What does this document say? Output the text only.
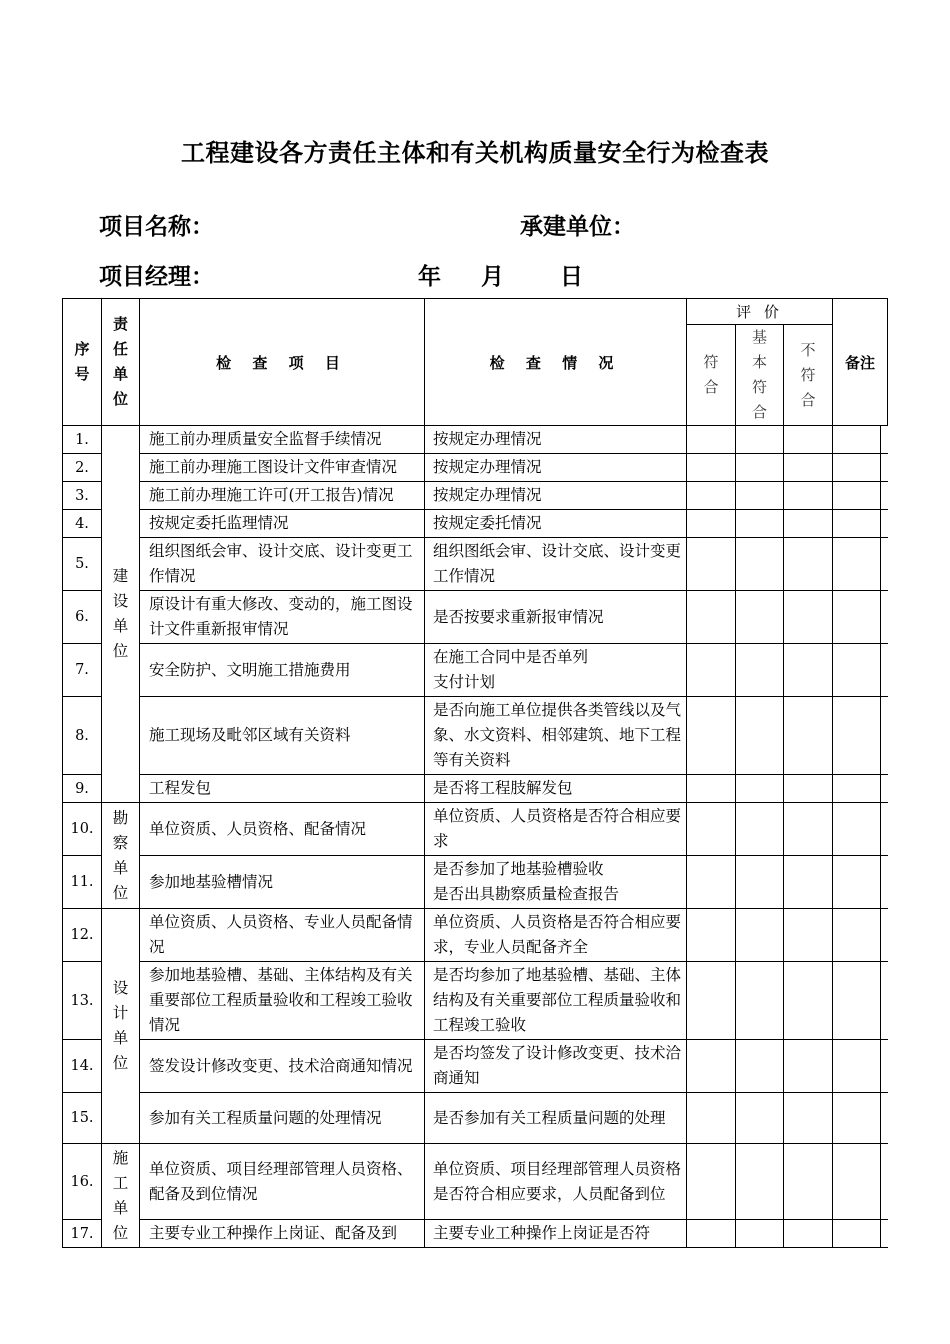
工程建设各方责任主体和有关机构质量安全行为检查表
项目名称：	承建单位：
项目经理：	年 月 日
序号	责任单位	检 查 项 目	检 查 情 况	评 价			备注	
				符合	基本符合	不符合		
1.	建设单位	施工前办理质量安全监督手续情况	按规定办理情况					
2.		施工前办理施工图设计文件审查情况	按规定办理情况					
3.		施工前办理施工许可(开工报告)情况	按规定办理情况					
4.		按规定委托监理情况	按规定委托情况					
5.		组织图纸会审、设计交底、设计变更工作情况	组织图纸会审、设计交底、设计变更工作情况					
6.		原设计有重大修改、变动的，施工图设计文件重新报审情况	是否按要求重新报审情况					
7.		安全防护、文明施工措施费用	在施工合同中是否单列
支付计划					

8.		施工现场及毗邻区域有关资料	是否向施工单位提供各类管线以及气象、水文资料、相邻建筑、地下工程等有关资料					
9.		工程发包	是否将工程肢解发包					
10.	勘察单位	单位资质、人员资格、配备情况	单位资质、人员资格是否符合相应要求					
11.		参加地基验槽情况	是否参加了地基验槽验收
是否出具勘察质量检查报告					

12.	设计单位	单位资质、人员资格、专业人员配备情况	单位资质、人员资格是否符合相应要求，专业人员配备齐全					
13.		参加地基验槽、基础、主体结构及有关重要部位工程质量验收和工程竣工验收情况	是否均参加了地基验槽、基础、主体结构及有关重要部位工程质量验收和工程竣工验收					
14.		签发设计修改变更、技术洽商通知情况	是否均签发了设计修改变更、技术洽商通知					
15.		参加有关工程质量问题的处理情况	是否参加有关工程质量问题的处理					
16.	施工单位	单位资质、项目经理部管理人员资格、配备及到位情况	单位资质、项目经理部管理人员资格是否符合相应要求，人员配备到位					
17.		主要专业工种操作上岗证、配备及到	主要专业工种操作上岗证是否符					
